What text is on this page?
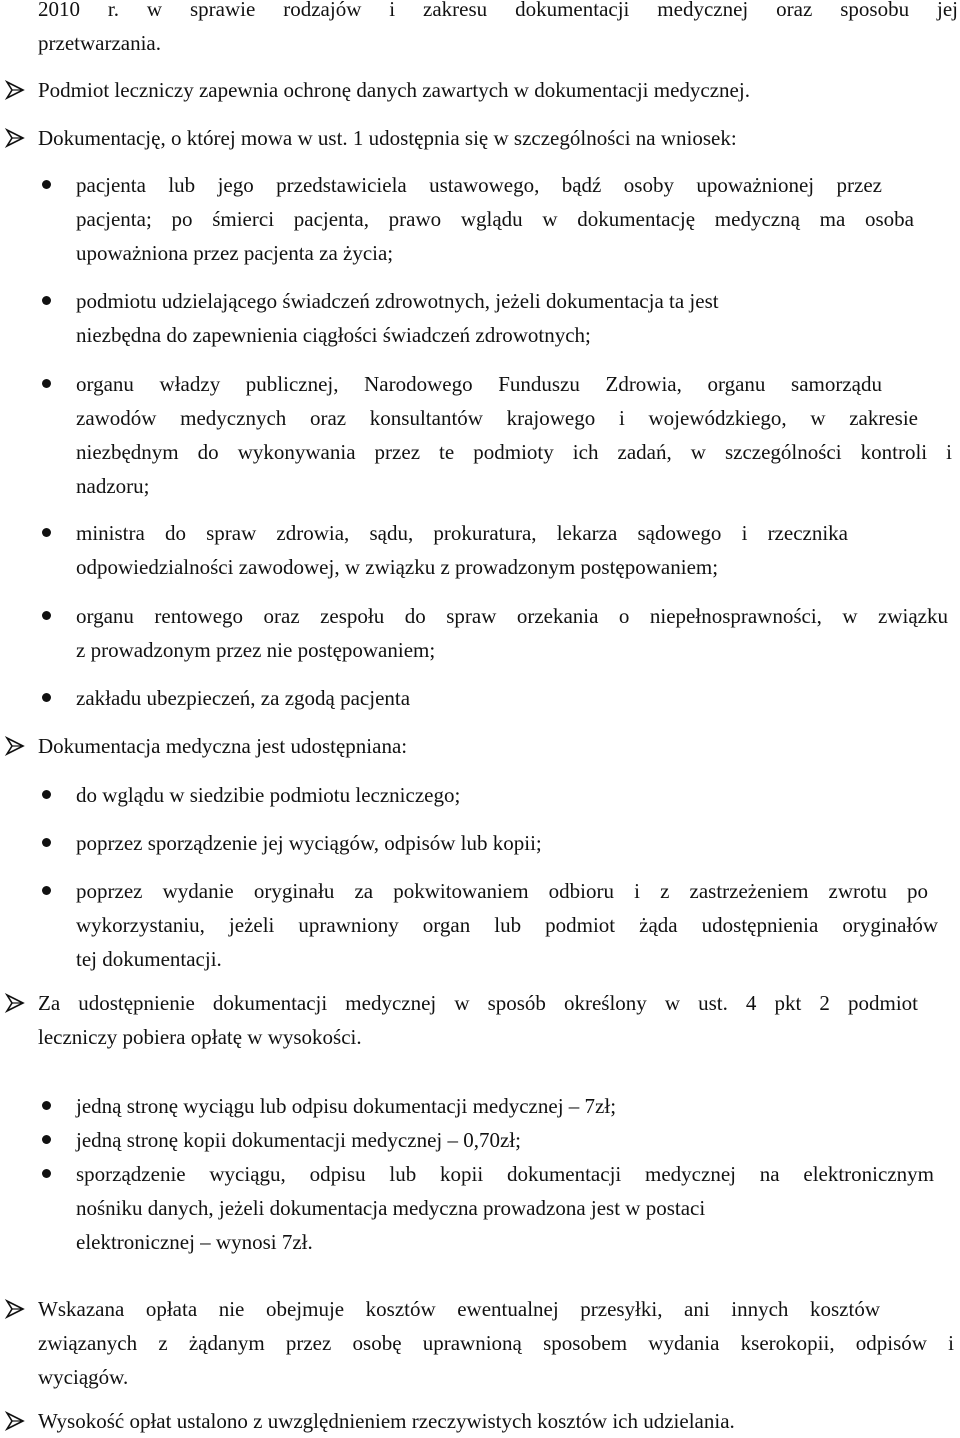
2010 r. w sprawie rodzajów i zakresu dokumentacji medycznej oraz sposobu jej
przetwarzania.
Podmiot leczniczy zapewnia ochronę danych zawartych w dokumentacji medycznej.
Dokumentację, o której mowa w ust. 1 udostępnia się w szczególności na wniosek:
pacjenta lub jego przedstawiciela ustawowego, bądź osoby upoważnionej przez
pacjenta; po śmierci pacjenta, prawo wglądu w dokumentację medyczną ma osoba
upoważniona przez pacjenta za życia;
podmiotu udzielającego świadczeń zdrowotnych, jeżeli dokumentacja ta jest
niezbędna do zapewnienia ciągłości świadczeń zdrowotnych;
organu władzy publicznej, Narodowego Funduszu Zdrowia, organu samorządu
zawodów medycznych oraz konsultantów krajowego i wojewódzkiego, w zakresie
niezbędnym do wykonywania przez te podmioty ich zadań, w szczególności kontroli i
nadzoru;
ministra do spraw zdrowia, sądu, prokuratura, lekarza sądowego i rzecznika
odpowiedzialności zawodowej, w związku z prowadzonym postępowaniem;
organu rentowego oraz zespołu do spraw orzekania o niepełnosprawności, w związku
z prowadzonym przez nie postępowaniem;
zakładu ubezpieczeń, za zgodą pacjenta
Dokumentacja medyczna jest udostępniana:
do wglądu w siedzibie podmiotu leczniczego;
poprzez sporządzenie jej wyciągów, odpisów lub kopii;
poprzez wydanie oryginału za pokwitowaniem odbioru i z zastrzeżeniem zwrotu po
wykorzystaniu, jeżeli uprawniony organ lub podmiot żąda udostępnienia oryginałów
tej dokumentacji.
Za udostępnienie dokumentacji medycznej w sposób określony w ust. 4 pkt 2 podmiot
leczniczy pobiera opłatę w wysokości.
jedną stronę wyciągu lub odpisu dokumentacji medycznej – 7zł;
jedną stronę kopii dokumentacji medycznej – 0,70zł;
sporządzenie wyciągu, odpisu lub kopii dokumentacji medycznej na elektronicznym
nośniku danych, jeżeli dokumentacja medyczna prowadzona jest w postaci
elektronicznej – wynosi 7zł.
Wskazana opłata nie obejmuje kosztów ewentualnej przesyłki, ani innych kosztów
związanych z żądanym przez osobę uprawnioną sposobem wydania kserokopii, odpisów i
wyciągów.
Wysokość opłat ustalono z uwzględnieniem rzeczywistych kosztów ich udzielania.
